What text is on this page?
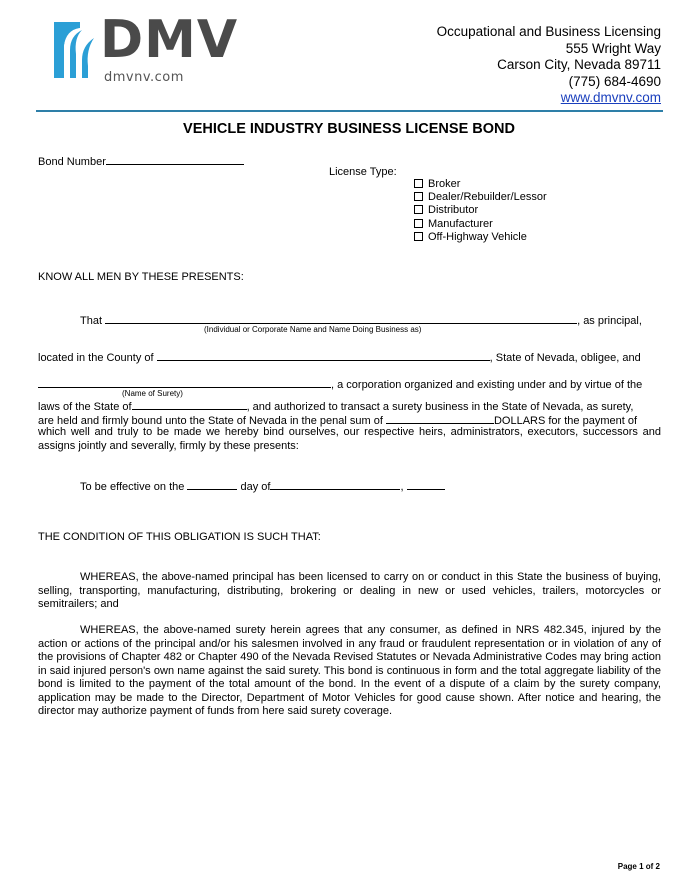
DMV
dmvnv.com
Occupational and Business Licensing
555 Wright Way
Carson City, Nevada 89711
(775) 684-4690
www.dmvnv.com
VEHICLE INDUSTRY BUSINESS LICENSE BOND
Bond Number
License Type:
Broker
Dealer/Rebuilder/Lessor
Distributor
Manufacturer
Off-Highway Vehicle
KNOW ALL MEN BY THESE PRESENTS:
That	, as principal,
(Individual or Corporate Name and Name Doing Business as)
located in the County of	, State of Nevada, obligee, and
, a corporation organized and existing under and by virtue of the
(Name of Surety)
laws of the State of	, and authorized to transact a surety business in the State of Nevada, as surety,
are held and firmly bound unto the State of Nevada in the penal sum of	DOLLARS for the payment of
which well and truly to be made we hereby bind ourselves, our respective heirs, administrators, executors, successors and assigns jointly and severally, firmly by these presents:
To be effective on the	day of	,
THE CONDITION OF THIS OBLIGATION IS SUCH THAT:
WHEREAS, the above-named principal has been licensed to carry on or conduct in this State the business of buying, selling, transporting, manufacturing, distributing, brokering or dealing in new or used vehicles, trailers, motorcycles or semitrailers; and
WHEREAS, the above-named surety herein agrees that any consumer, as defined in NRS 482.345, injured by the action or actions of the principal and/or his salesmen involved in any fraud or fraudulent representation or in violation of any of the provisions of Chapter 482 or Chapter 490 of the Nevada Revised Statutes or Nevada Administrative Codes may bring action in said injured person's own name against the said surety. This bond is continuous in form and the total aggregate liability of the bond is limited to the payment of the total amount of the bond. In the event of a dispute of a claim by the surety company, application may be made to the Director, Department of Motor Vehicles for good cause shown. After notice and hearing, the director may authorize payment of funds from here said surety coverage.
Page 1 of 2
